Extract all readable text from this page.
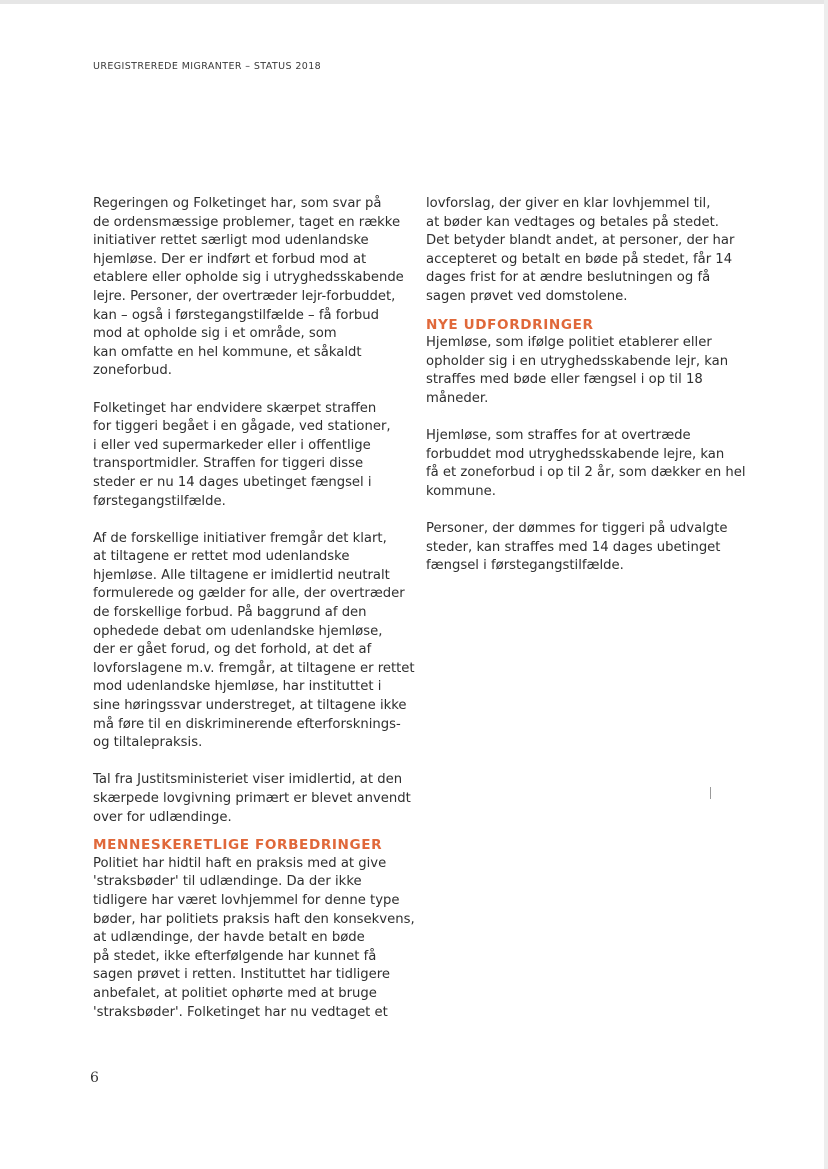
UREGISTREREDE MIGRANTER – STATUS 2018

Regeringen og Folketinget har, som svar på
de ordensmæssige problemer, taget en række
initiativer rettet særligt mod udenlandske
hjemløse. Der er indført et forbud mod at
etablere eller opholde sig i utryghedsskabende
lejre. Personer, der overtræder lejr-forbuddet,
kan – også i førstegangstilfælde – få forbud
mod at opholde sig i et område, som
kan omfatte en hel kommune, et såkaldt
zoneforbud.

Folketinget har endvidere skærpet straffen
for tiggeri begået i en gågade, ved stationer,
i eller ved supermarkeder eller i offentlige
transportmidler. Straffen for tiggeri disse
steder er nu 14 dages ubetinget fængsel i
førstegangstilfælde.

Af de forskellige initiativer fremgår det klart,
at tiltagene er rettet mod udenlandske
hjemløse. Alle tiltagene er imidlertid neutralt
formulerede og gælder for alle, der overtræder
de forskellige forbud. På baggrund af den
ophedede debat om udenlandske hjemløse,
der er gået forud, og det forhold, at det af
lovforslagene m.v. fremgår, at tiltagene er rettet
mod udenlandske hjemløse, har instituttet i
sine høringssvar understreget, at tiltagene ikke
må føre til en diskriminerende efterforsknings-
og tiltalepraksis.

Tal fra Justitsministeriet viser imidlertid, at den
skærpede lovgivning primært er blevet anvendt
over for udlændinge.

MENNESKERETLIGE FORBEDRINGER

Politiet har hidtil haft en praksis med at give
'straksbøder' til udlændinge. Da der ikke
tidligere har været lovhjemmel for denne type
bøder, har politiets praksis haft den konsekvens,
at udlændinge, der havde betalt en bøde
på stedet, ikke efterfølgende har kunnet få
sagen prøvet i retten. Instituttet har tidligere
anbefalet, at politiet ophørte med at bruge
'straksbøder'. Folketinget har nu vedtaget et

lovforslag, der giver en klar lovhjemmel til,
at bøder kan vedtages og betales på stedet.
Det betyder blandt andet, at personer, der har
accepteret og betalt en bøde på stedet, får 14
dages frist for at ændre beslutningen og få
sagen prøvet ved domstolene.

NYE UDFORDRINGER

Hjemløse, som ifølge politiet etablerer eller
opholder sig i en utryghedsskabende lejr, kan
straffes med bøde eller fængsel i op til 18
måneder.

Hjemløse, som straffes for at overtræde
forbuddet mod utryghedsskabende lejre, kan
få et zoneforbud i op til 2 år, som dækker en hel
kommune.

Personer, der dømmes for tiggeri på udvalgte
steder, kan straffes med 14 dages ubetinget
fængsel i førstegangstilfælde.

6
